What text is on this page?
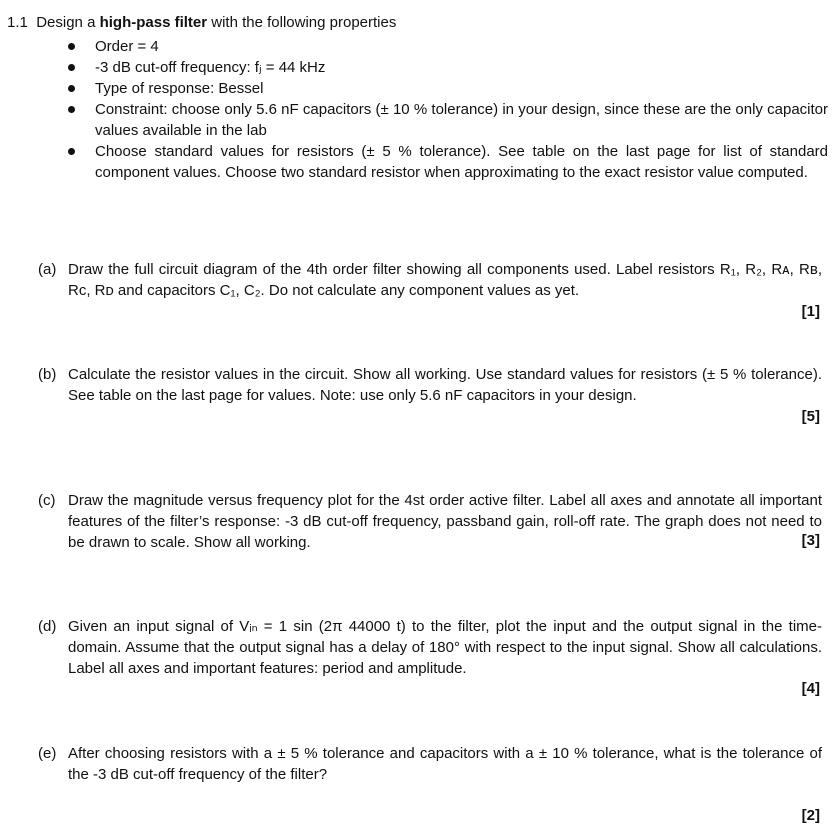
1.1 Design a high-pass filter with the following properties
Order = 4
-3 dB cut-off frequency: fⱼ = 44 kHz
Type of response: Bessel
Constraint: choose only 5.6 nF capacitors (± 10 % tolerance) in your design, since these are the only capacitor values available in the lab
Choose standard values for resistors (± 5 % tolerance). See table on the last page for list of standard component values. Choose two standard resistor when approximating to the exact resistor value computed.
(a) Draw the full circuit diagram of the 4th order filter showing all components used. Label resistors R₁, R₂, Rᴀ, Rʙ, Rᴄ, Rᴅ and capacitors C₁, C₂. Do not calculate any component values as yet.
[1]
(b) Calculate the resistor values in the circuit. Show all working. Use standard values for resistors (± 5 % tolerance). See table on the last page for values. Note: use only 5.6 nF capacitors in your design.
[5]
(c) Draw the magnitude versus frequency plot for the 4st order active filter. Label all axes and annotate all important features of the filter’s response: -3 dB cut-off frequency, passband gain, roll-off rate. The graph does not need to be drawn to scale. Show all working.	[3]
(d) Given an input signal of Vᵢₙ = 1 sin (2π 44000 t) to the filter, plot the input and the output signal in the time-domain. Assume that the output signal has a delay of 180° with respect to the input signal. Show all calculations. Label all axes and important features: period and amplitude.
[4]
(e) After choosing resistors with a ± 5 % tolerance and capacitors with a ± 10 % tolerance, what is the tolerance of the -3 dB cut-off frequency of the filter?
[2]
